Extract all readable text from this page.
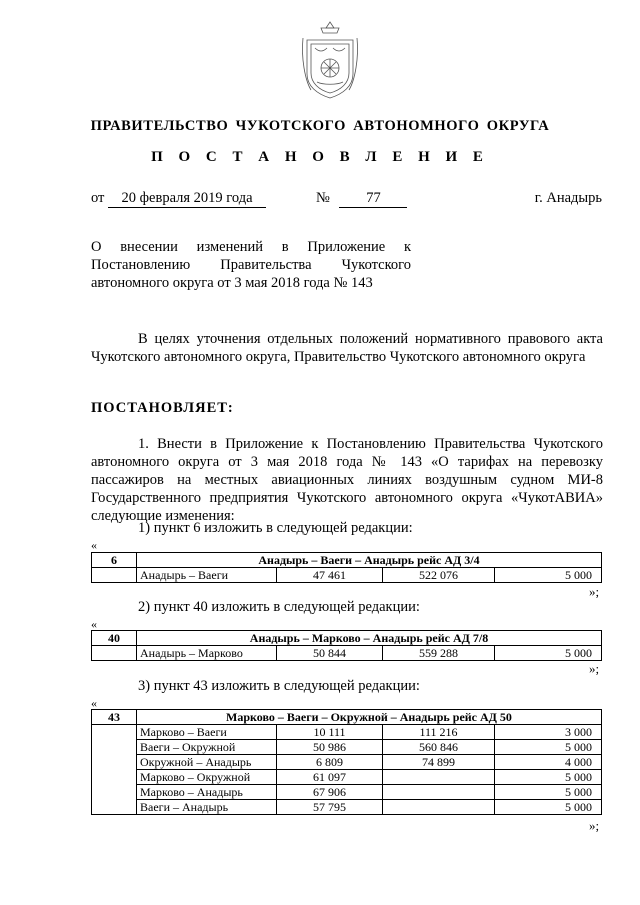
ПРАВИТЕЛЬСТВО ЧУКОТСКОГО АВТОНОМНОГО ОКРУГА
П О С Т А Н О В Л Е Н И Е
от 20 февраля 2019 года	№	77	г. Анадырь
О внесении изменений в Приложение к Постановлению Правительства Чукотского автономного округа от 3 мая 2018 года № 143
В целях уточнения отдельных положений нормативного правового акта Чукотского автономного округа, Правительство Чукотского автономного округа
ПОСТАНОВЛЯЕТ:
1. Внести в Приложение к Постановлению Правительства Чукотского автономного округа от 3 мая 2018 года № 143 «О тарифах на перевозку пассажиров на местных авиационных линиях воздушным судном МИ-8 Государственного предприятия Чукотского автономного округа «ЧукотАВИА» следующие изменения:
1) пункт 6 изложить в следующей редакции:
«
6	Анадырь – Ваеги – Анадырь рейс АД 3/4			
	Анадырь – Ваеги	47 461	522 076	5 000
»;
2) пункт 40 изложить в следующей редакции:
«
40	Анадырь – Марково – Анадырь рейс АД 7/8			
	Анадырь – Марково	50 844	559 288	5 000
»;
3) пункт 43 изложить в следующей редакции:
«
43	Марково – Ваеги – Окружной – Анадырь рейс АД 50			
	Марково – Ваеги	10 111	111 216	3 000
	Ваеги – Окружной	50 986	560 846	5 000
	Окружной – Анадырь	6 809	74 899	4 000
	Марково – Окружной	61 097		5 000
	Марково – Анадырь	67 906		5 000
	Ваеги – Анадырь	57 795		5 000
»;
